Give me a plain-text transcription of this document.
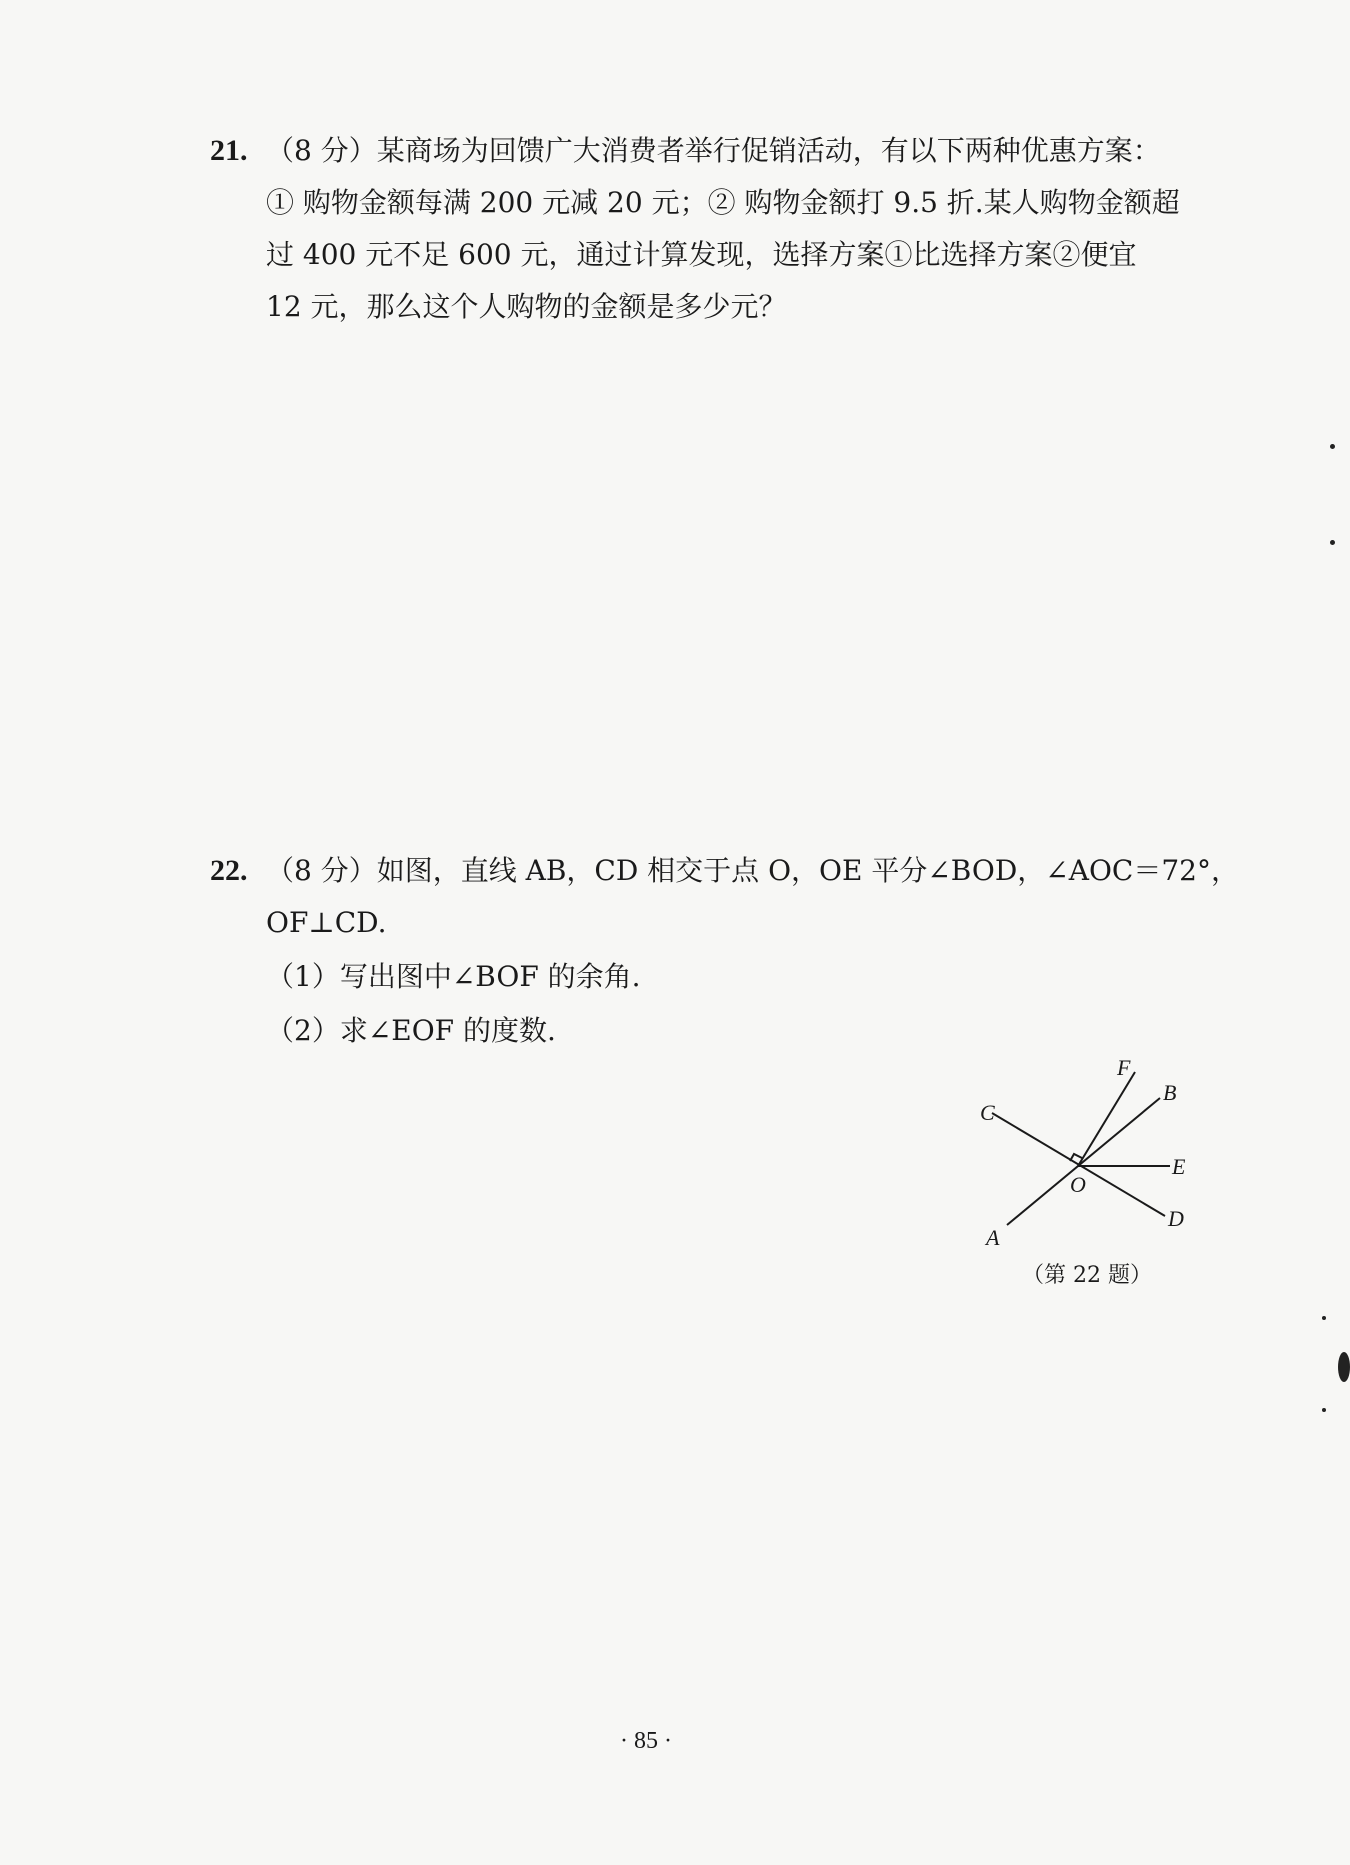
21. （8 分）某商场为回馈广大消费者举行促销活动，有以下两种优惠方案：
① 购物金额每满 200 元减 20 元；② 购物金额打 9.5 折.某人购物金额超
过 400 元不足 600 元，通过计算发现，选择方案①比选择方案②便宜
12 元，那么这个人购物的金额是多少元？
22. （8 分）如图，直线 AB，CD 相交于点 O，OE 平分∠BOD，∠AOC＝72°，
OF⊥CD.
（1）写出图中∠BOF 的余角.
（2）求∠EOF 的度数.
C
F
B
E
O
D
A
（第 22 题）
· 85 ·
